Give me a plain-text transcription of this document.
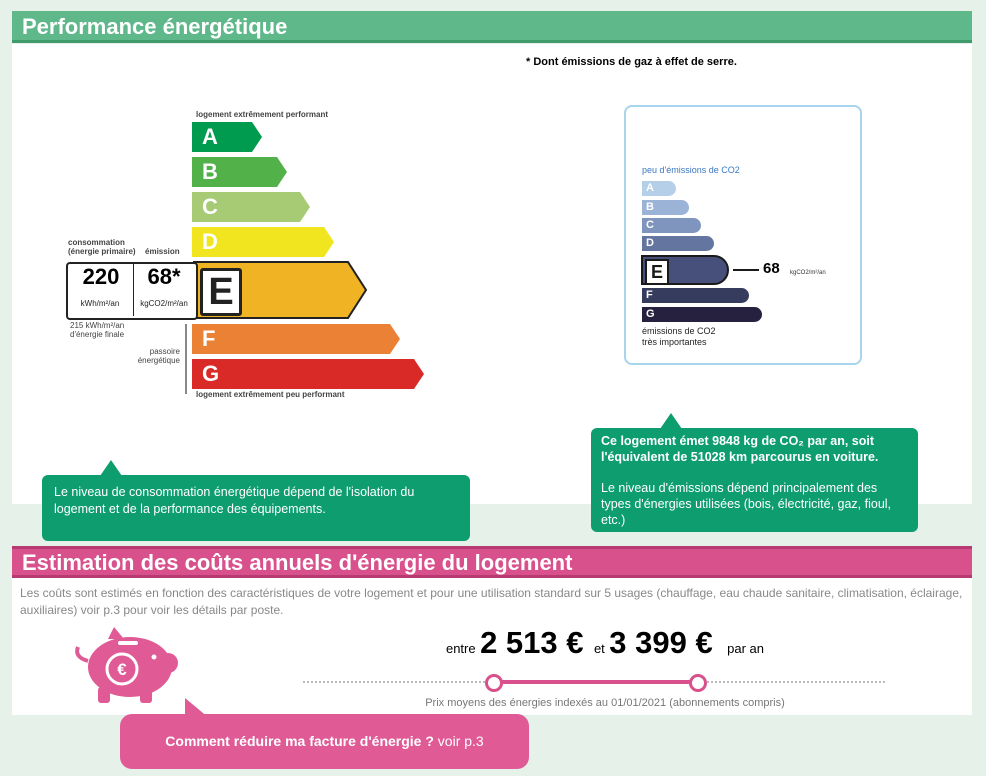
Performance énergétique
* Dont émissions de gaz à effet de serre.
logement extrêmement performant
A
B
C
D
E
F
G
logement extrêmement peu performant
consommation
(énergie primaire) émission
220	68*
kWh/m²/an	kgCO2/m²/an
215 kWh/m²/an
d'énergie finale
passoire
énergétique
Le niveau de consommation énergétique dépend de l'isolation du logement et de la performance des équipements.
peu d'émissions de CO2
A
B
C
D
E
F
G
68 kgCO2/m²/an
émissions de CO2
très importantes
Ce logement émet 9848 kg de CO₂ par an, soit l'équivalent de 51028 km parcourus en voiture.
Le niveau d'émissions dépend principalement des types d'énergies utilisées (bois, électricité, gaz, fioul, etc.)
Estimation des coûts annuels d'énergie du logement
Les coûts sont estimés en fonction des caractéristiques de votre logement et pour une utilisation standard sur 5 usages (chauffage, eau chaude sanitaire, climatisation, éclairage, auxiliaires) voir p.3 pour voir les détails par poste.
€
entre 2 513 € et 3 399 € par an
Prix moyens des énergies indexés au 01/01/2021 (abonnements compris)
Comment réduire ma facture d'énergie ? voir p.3
